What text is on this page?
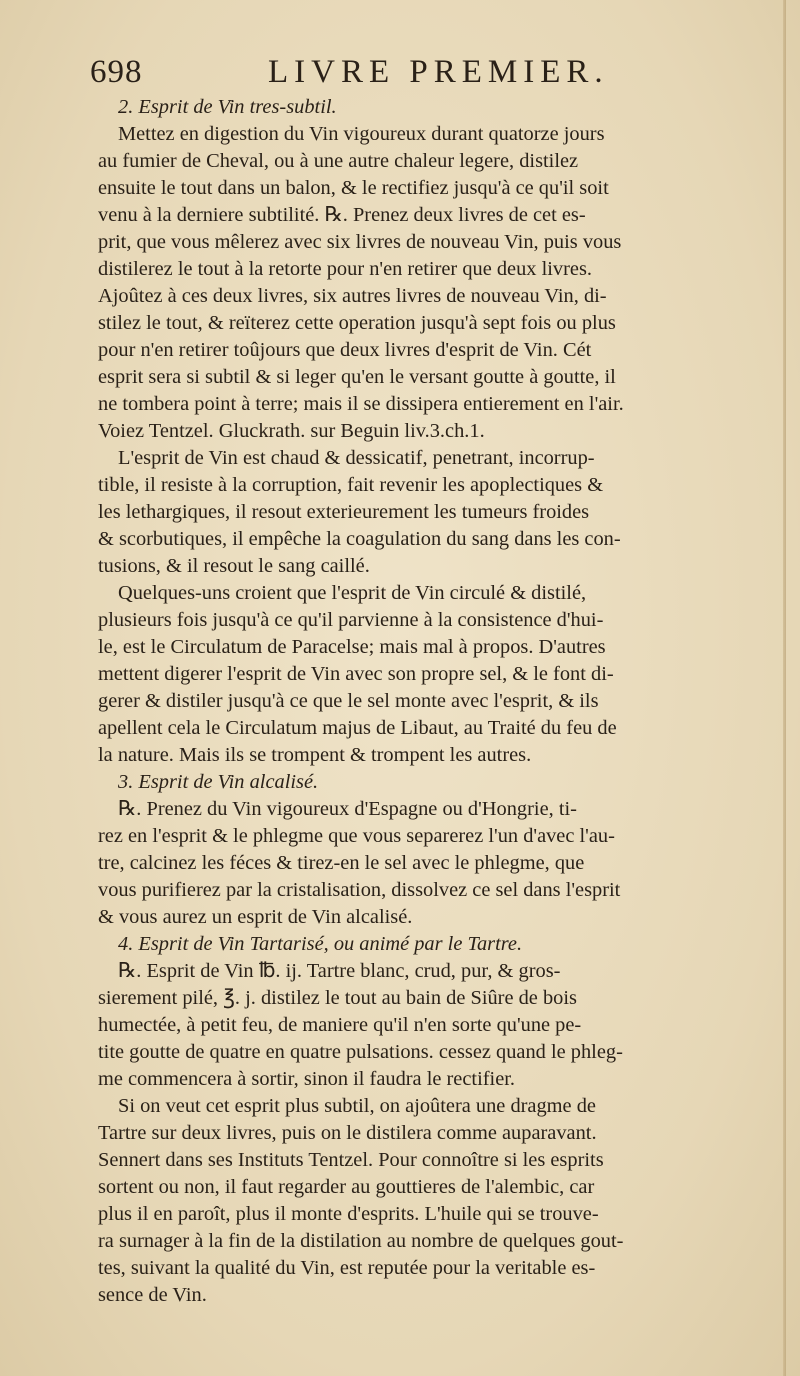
698	LIVRE PREMIER.
2. Esprit de Vin tres-subtil.
Mettez en digestion du Vin vigoureux durant quatorze jours
au fumier de Cheval, ou à une autre chaleur legere, distilez
ensuite le tout dans un balon, & le rectifiez jusqu'à ce qu'il soit
venu à la derniere subtilité. ℞. Prenez deux livres de cet es-
prit, que vous mêlerez avec six livres de nouveau Vin, puis vous
distilerez le tout à la retorte pour n'en retirer que deux livres.
Ajoûtez à ces deux livres, six autres livres de nouveau Vin, di-
stilez le tout, & reïterez cette operation jusqu'à sept fois ou plus
pour n'en retirer toûjours que deux livres d'esprit de Vin. Cét
esprit sera si subtil & si leger qu'en le versant goutte à goutte, il
ne tombera point à terre; mais il se dissipera entierement en l'air.
Voiez Tentzel. Gluckrath. sur Beguin liv.3.ch.1.
L'esprit de Vin est chaud & dessicatif, penetrant, incorrup-
tible, il resiste à la corruption, fait revenir les apoplectiques &
les lethargiques, il resout exterieurement les tumeurs froides
& scorbutiques, il empêche la coagulation du sang dans les con-
tusions, & il resout le sang caillé.
Quelques-uns croient que l'esprit de Vin circulé & distilé,
plusieurs fois jusqu'à ce qu'il parvienne à la consistence d'hui-
le, est le Circulatum de Paracelse; mais mal à propos. D'autres
mettent digerer l'esprit de Vin avec son propre sel, & le font di-
gerer & distiler jusqu'à ce que le sel monte avec l'esprit, & ils
apellent cela le Circulatum majus de Libaut, au Traité du feu de
la nature. Mais ils se trompent & trompent les autres.
3. Esprit de Vin alcalisé.
℞. Prenez du Vin vigoureux d'Espagne ou d'Hongrie, ti-
rez en l'esprit & le phlegme que vous separerez l'un d'avec l'au-
tre, calcinez les féces & tirez-en le sel avec le phlegme, que
vous purifierez par la cristalisation, dissolvez ce sel dans l'esprit
& vous aurez un esprit de Vin alcalisé.
4. Esprit de Vin Tartarisé, ou animé par le Tartre.
℞. Esprit de Vin ℔. ij. Tartre blanc, crud, pur, & gros-
sierement pilé, ℥. j. distilez le tout au bain de Siûre de bois
humectée, à petit feu, de maniere qu'il n'en sorte qu'une pe-
tite goutte de quatre en quatre pulsations. cessez quand le phleg-
me commencera à sortir, sinon il faudra le rectifier.
Si on veut cet esprit plus subtil, on ajoûtera une dragme de
Tartre sur deux livres, puis on le distilera comme auparavant.
Sennert dans ses Instituts Tentzel. Pour connoître si les esprits
sortent ou non, il faut regarder au gouttieres de l'alembic, car
plus il en paroît, plus il monte d'esprits. L'huile qui se trouve-
ra surnager à la fin de la distilation au nombre de quelques gout-
tes, suivant la qualité du Vin, est reputée pour la veritable es-
sence de Vin.
